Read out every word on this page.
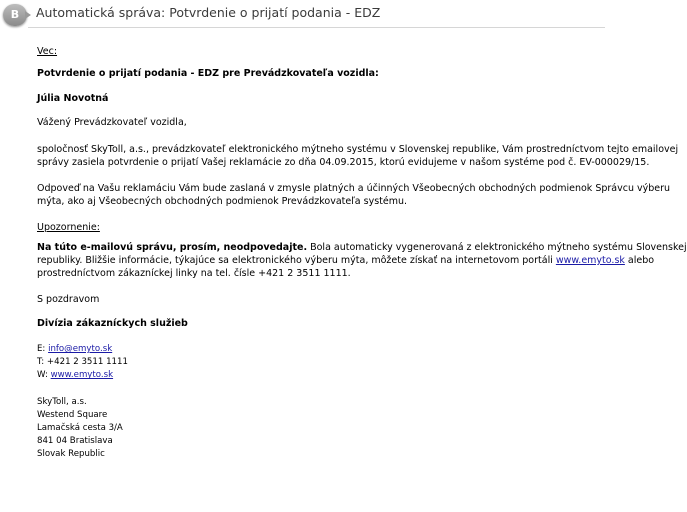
B	Automatická správa: Potvrdenie o prijatí podania - EDZ

Vec:

Potvrdenie o prijatí podania - EDZ pre Prevádzkovateľa vozidla:

Júlia Novotná

Vážený Prevádzkovateľ vozidla,

spoločnosť SkyToll, a.s., prevádzkovateľ elektronického mýtneho systému v Slovenskej republike, Vám prostredníctvom tejto emailovej

správy zasiela potvrdenie o prijatí Vašej reklamácie zo dňa 04.09.2015, ktorú evidujeme v našom systéme pod č. EV-000029/15.

Odpoveď na Vašu reklamáciu Vám bude zaslaná v zmysle platných a účinných Všeobecných obchodných podmienok Správcu výberu

mýta, ako aj Všeobecných obchodných podmienok Prevádzkovateľa systému.

Upozornenie:

Na túto e-mailovú správu, prosím, neodpovedajte. Bola automaticky vygenerovaná z elektronického mýtneho systému Slovenskej

republiky. Bližšie informácie, týkajúce sa elektronického výberu mýta, môžete získať na internetovom portáli www.emyto.sk alebo

prostredníctvom zákazníckej linky na tel. čísle +421 2 3511 1111.

S pozdravom

Divízia zákazníckych služieb

E: info@emyto.sk

T: +421 2 3511 1111

W: www.emyto.sk

SkyToll, a.s.

Westend Square

Lamačská cesta 3/A

841 04 Bratislava

Slovak Republic
